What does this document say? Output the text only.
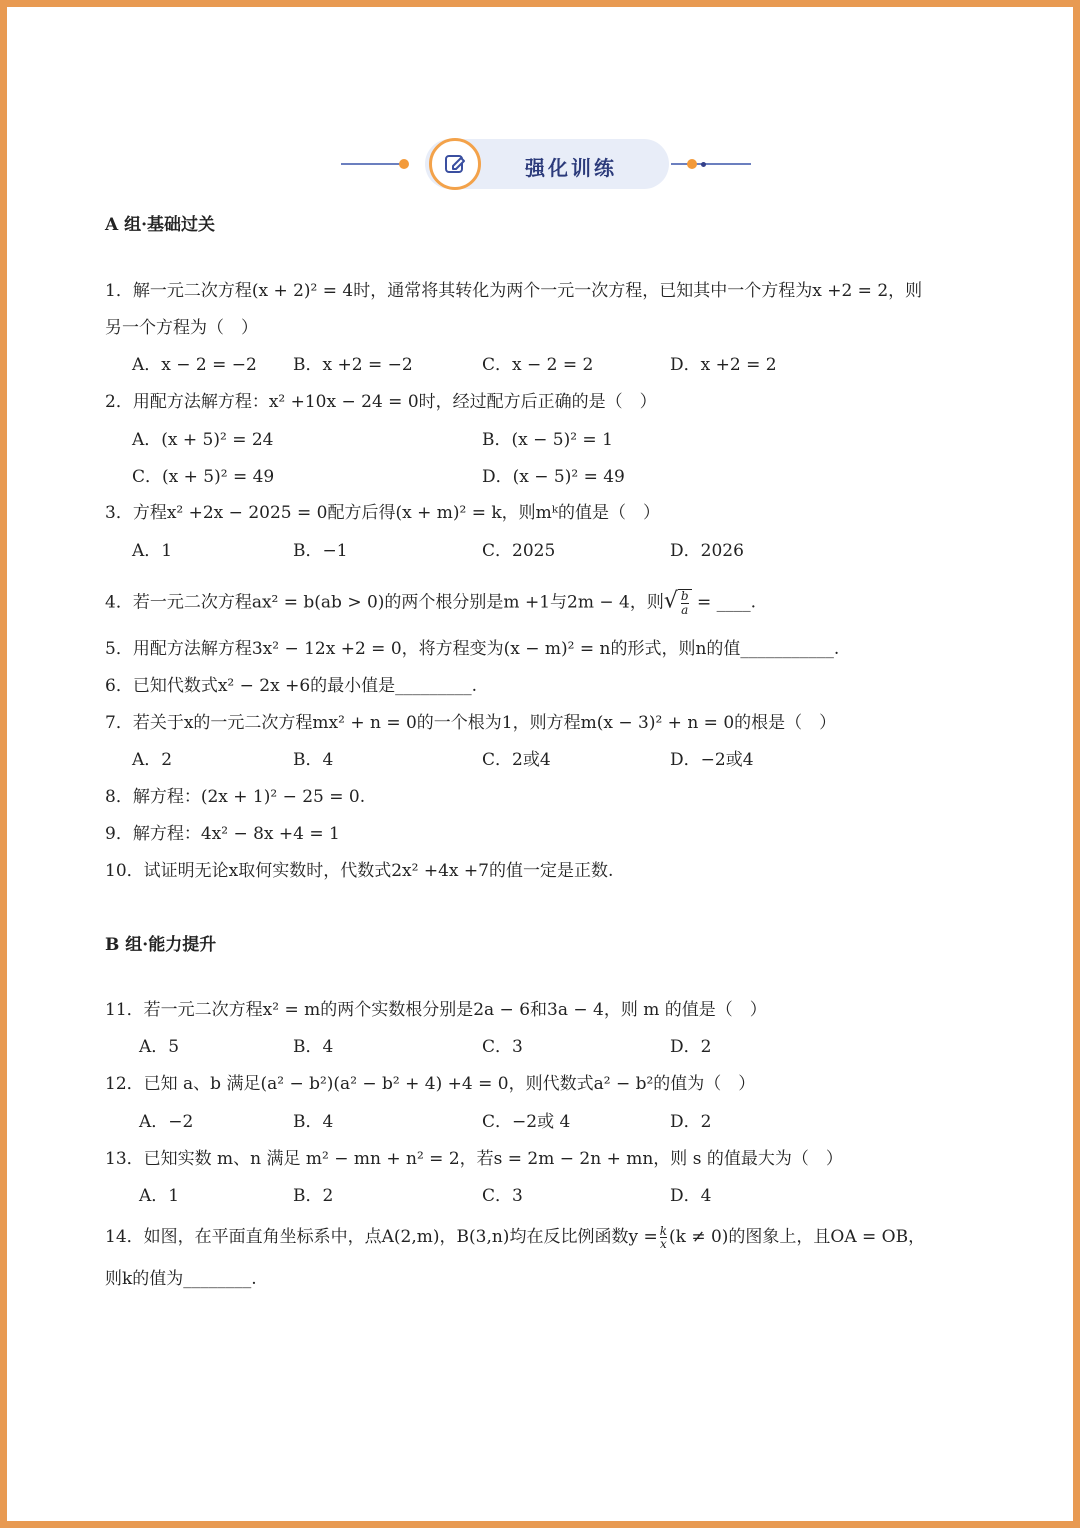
强化训练
A 组·基础过关
1．解一元二次方程(x + 2)² = 4时，通常将其转化为两个一元一次方程，已知其中一个方程为x +2 = 2，则
另一个方程为（　）
A．x − 2 = −2 B．x +2 = −2	C．x − 2 = 2	D．x +2 = 2
2．用配方法解方程：x² +10x − 24 = 0时，经过配方后正确的是（　）
A．(x + 5)² = 24	B．(x − 5)² = 1
C．(x + 5)² = 49	D．(x − 5)² = 49
3．方程x² +2x − 2025 = 0配方后得(x + m)² = k，则mᵏ的值是（　）
A．1	B．−1	C．2025	D．2026
4．若一元二次方程ax² = b(ab > 0)的两个根分别是m +1与2m − 4，则√ $\frac{b}{a}$ = ____.
5．用配方法解方程3x² − 12x +2 = 0，将方程变为(x − m)² = n的形式，则n的值___________.
6．已知代数式x² − 2x +6的最小值是_________.
7．若关于x的一元二次方程mx² + n = 0的一个根为1，则方程m(x − 3)² + n = 0的根是（　）
A．2	B．4	C．2或4	D．−2或4
8．解方程：(2x + 1)² − 25 = 0.
9．解方程：4x² − 8x +4 = 1
10．试证明无论x取何实数时，代数式2x² +4x +7的值一定是正数.
B 组·能力提升
11．若一元二次方程x² = m的两个实数根分别是2a − 6和3a − 4，则 m 的值是（　）
A．5	B．4	C．3	D．2
12．已知 a、b 满足(a² − b²)(a² − b² + 4) +4 = 0，则代数式a² − b²的值为（　）
A．−2	B．4	C．−2或 4	D．2
13．已知实数 m、n 满足 m² − mn + n² = 2，若s = 2m − 2n + mn，则 s 的值最大为（　）
A．1	B．2	C．3	D．4
14．如图，在平面直角坐标系中，点A(2,m)，B(3,n)均在反比例函数$y = \frac{k}{x} (k \ne 0)$的图象上，且OA = OB，
则k的值为________.
